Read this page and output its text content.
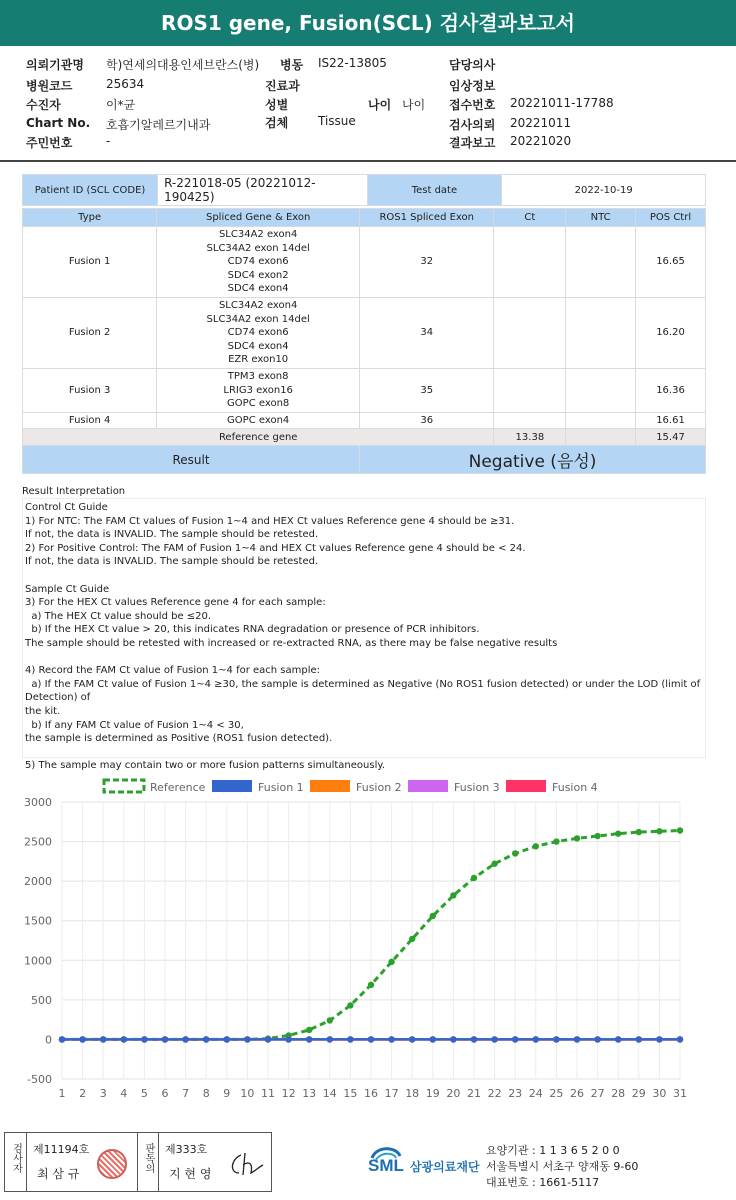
ROS1 gene, Fusion(SCL) 검사결과보고서
의뢰기관명 학)연세의대용인세브란스(병) 병동 IS22-13805	담당의사
병원코드	25634	진료과	임상정보
수진자	이*균	성별	나이 나이 접수번호 20221011-17788
Chart No. 호흡기알레르기내과	검체 Tissue	검사의뢰 20221011
주민번호	-	결과보고 20221020
Patient ID (SCL CODE)	R-221018-05 (20221012-190425)	Test date	2022-10-19
Type	Spliced Gene & Exon	ROS1 Spliced Exon	Ct	NTC	POS Ctrl
Fusion 1	SLC34A2 exon4
SLC34A2 exon 14del
CD74 exon6
SDC4 exon2
SDC4 exon4	32			16.65
Fusion 2	SLC34A2 exon4
SLC34A2 exon 14del
CD74 exon6
SDC4 exon4
EZR exon10	34			16.20
Fusion 3	TPM3 exon8
LRIG3 exon16
GOPC exon8	35			16.36
Fusion 4	GOPC exon4	36			16.61
Reference gene			13.38		15.47
Result		Negative (음성)			
Result Interpretation
Control Ct Guide
1) For NTC: The FAM Ct values of Fusion 1~4 and HEX Ct values Reference gene 4 should be ≥31.
If not, the data is INVALID. The sample should be retested.
2) For Positive Control: The FAM of Fusion 1~4 and HEX Ct values Reference gene 4 should be < 24.
If not, the data is INVALID. The sample should be retested.
Sample Ct Guide
3) For the HEX Ct values Reference gene 4 for each sample:
a) The HEX Ct value should be ≤20.
b) If the HEX Ct value > 20, this indicates RNA degradation or presence of PCR inhibitors.
The sample should be retested with increased or re-extracted RNA, as there may be false negative results
4) Record the FAM Ct value of Fusion 1~4 for each sample:
a) If the FAM Ct value of Fusion 1~4 ≥30, the sample is determined as Negative (No ROS1 fusion detected) or under the LOD (limit of Detection) of
the kit.
b) If any FAM Ct value of Fusion 1~4 < 30,
the sample is determined as Positive (ROS1 fusion detected).
5) The sample may contain two or more fusion patterns simultaneously.
-500
0
500
1000
1500
2000
2500
3000
1 2 3 4 5 6 7 8 9 10 11 12 13 14 15 16 17 18 19 20 21 22 23 24 25 26 27 28 29 30 31
Reference	Fusion 1	Fusion 2	Fusion 3	Fusion 4
검사자	제11194호
최 삼 규
판독의	제333호
지 현 영	SML 삼광의료재단
요양기관 : 1 1 3 6 5 2 0 0
서울특별시 서초구 양재동 9-60
대표번호 : 1661-5117
